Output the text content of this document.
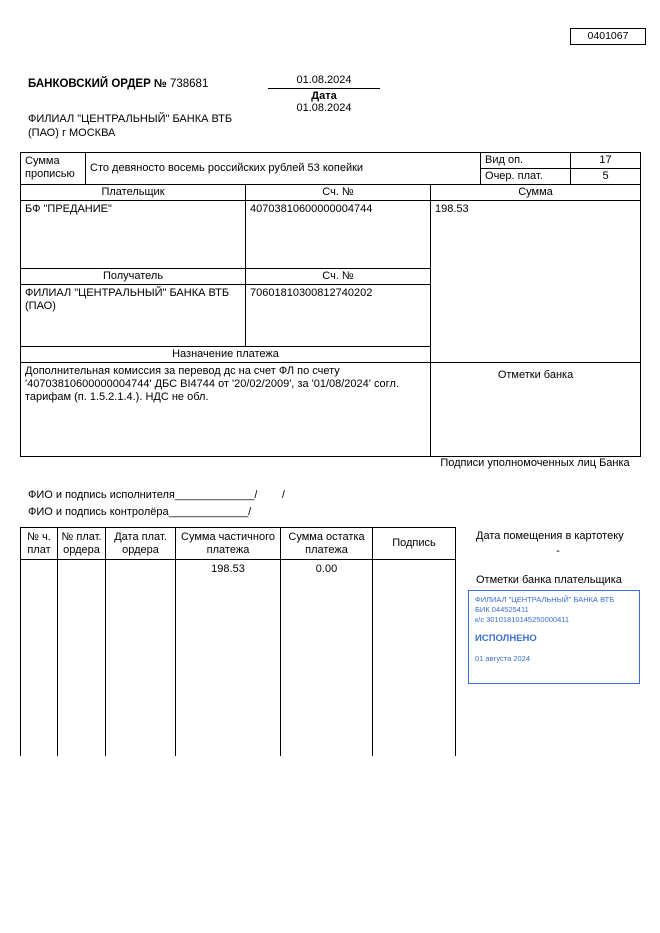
0401067
БАНКОВСКИЙ ОРДЕР № 738681	01.08.2024
Дата
01.08.2024
ФИЛИАЛ "ЦЕНТРАЛЬНЫЙ" БАНКА ВТБ
(ПАО) г МОСКВА
Сумма прописью	Сто девяносто восемь российских рублей 53 копейки			Вид оп.	17
				Очер. плат.	5
Плательщик		Сч. №	Сумма		
БФ "ПРЕДАНИЕ"		40703810600000004744	198.53		
Получатель		Сч. №			
ФИЛИАЛ "ЦЕНТРАЛЬНЫЙ" БАНКА ВТБ (ПАО)		70601810300812740202			
Назначение платежа					
Дополнительная комиссия за перевод дс на счет ФЛ по счету '40703810600000004744' ДБС BI4744 от '20/02/2009', за '01/08/2024' согл. тарифам (п. 1.5.2.1.4.). НДС не обл.			Отметки банка		
Подписи уполномоченных лиц Банка
ФИО и подпись исполнителя_____________/        /
ФИО и подпись контролёра_____________/
№ ч. плат	№ плат. ордера	Дата плат. ордера	Сумма частичного платежа	Сумма остатка платежа	Подпись
			198.53	0.00	
Дата помещения в картотеку
-
Отметки банка плательщика
ФИЛИАЛ "ЦЕНТРАЛЬНЫЙ" БАНКА ВТБ
БИК 044525411
к/с 30101810145250000411
ИСПОЛНЕНО
01 августа 2024
